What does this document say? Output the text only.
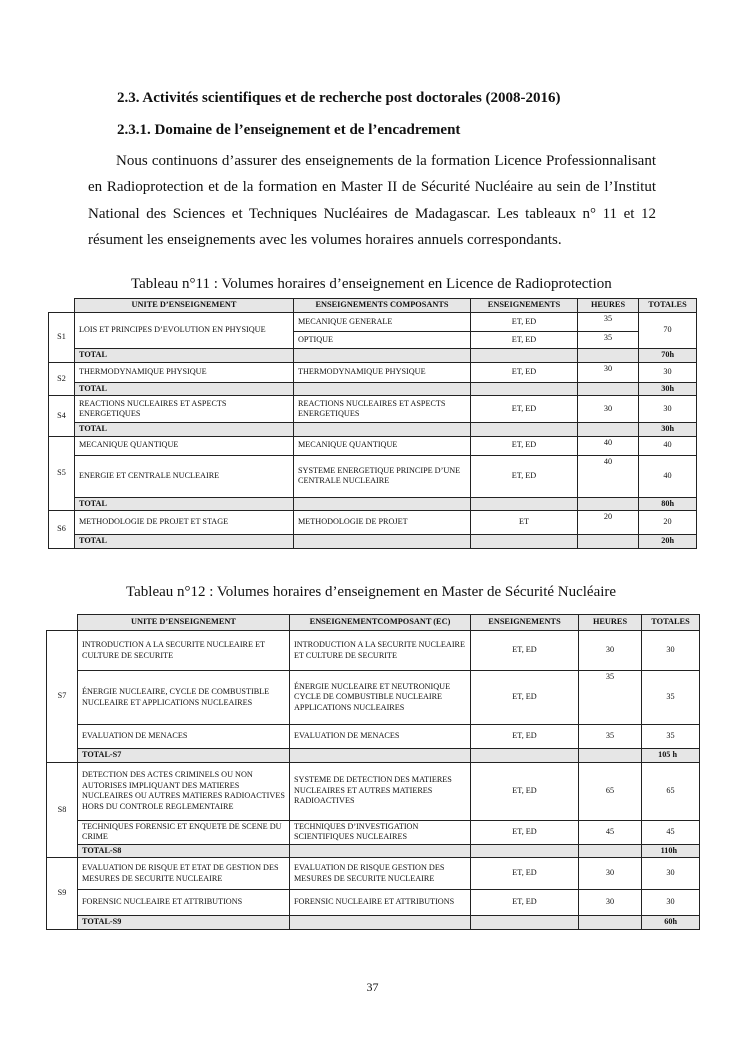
2.3. Activités scientifiques et de recherche post doctorales (2008-2016)
2.3.1. Domaine de l’enseignement et de l’encadrement
Nous continuons d’assurer des enseignements de la formation Licence Professionnalisant en Radioprotection et de la formation en Master II de Sécurité Nucléaire au sein de l’Institut National des Sciences et Techniques Nucléaires de Madagascar. Les tableaux n° 11 et 12 résument les enseignements avec les volumes horaires annuels correspondants.
Tableau n°11 : Volumes horaires d’enseignement en Licence de Radioprotection
	UNITE D’ENSEIGNEMENT	ENSEIGNEMENTS COMPOSANTS	ENSEIGNEMENTS	HEURES	TOTALES
S1	LOIS ET PRINCIPES D’EVOLUTION EN PHYSIQUE	MECANIQUE GENERALE	ET, ED	35	70
		OPTIQUE	ET, ED	35	
	TOTAL				70h
S2	THERMODYNAMIQUE PHYSIQUE	THERMODYNAMIQUE PHYSIQUE	ET, ED	30	30
	TOTAL				30h
S4	REACTIONS NUCLEAIRES ET ASPECTS ENERGETIQUES	REACTIONS NUCLEAIRES ET ASPECTS ENERGETIQUES	ET, ED	30	30
	TOTAL				30h
S5	MECANIQUE QUANTIQUE	MECANIQUE QUANTIQUE	ET, ED	40	40
	ENERGIE ET CENTRALE NUCLEAIRE	SYSTEME ENERGETIQUE PRINCIPE D’UNE CENTRALE NUCLEAIRE	ET, ED	40	40
	TOTAL				80h
S6	METHODOLOGIE DE PROJET ET STAGE	METHODOLOGIE DE PROJET	ET	20	20
	TOTAL				20h
Tableau n°12 : Volumes horaires d’enseignement en Master de Sécurité Nucléaire
	UNITE D’ENSEIGNEMENT	ENSEIGNEMENTCOMPOSANT (EC)	ENSEIGNEMENTS	HEURES	TOTALES
S7	INTRODUCTION A LA SECURITE NUCLEAIRE ET CULTURE DE SECURITE	INTRODUCTION A LA SECURITE NUCLEAIRE ET CULTURE DE SECURITE	ET, ED	30	30
	ÉNERGIE NUCLEAIRE, CYCLE DE COMBUSTIBLE NUCLEAIRE ET APPLICATIONS NUCLEAIRES	ÉNERGIE NUCLEAIRE ET NEUTRONIQUE CYCLE DE COMBUSTIBLE NUCLEAIRE APPLICATIONS NUCLEAIRES	ET, ED	35	35
	EVALUATION DE MENACES	EVALUATION DE MENACES	ET, ED	35	35
	TOTAL-S7				105 h
S8	DETECTION DES ACTES CRIMINELS OU NON AUTORISES IMPLIQUANT DES MATIERES NUCLEAIRES OU AUTRES MATIERES RADIOACTIVES HORS DU CONTROLE REGLEMENTAIRE	SYSTEME DE DETECTION DES MATIERES NUCLEAIRES ET AUTRES MATIERES RADIOACTIVES	ET, ED	65	65
	TECHNIQUES FORENSIC ET ENQUETE DE SCENE DU CRIME	TECHNIQUES D’INVESTIGATION SCIENTIFIQUES NUCLEAIRES	ET, ED	45	45
	TOTAL-S8				110h
S9	EVALUATION DE RISQUE ET ETAT DE GESTION DES MESURES DE SECURITE NUCLEAIRE	EVALUATION DE RISQUE GESTION DES MESURES DE SECURITE NUCLEAIRE	ET, ED	30	30
	FORENSIC NUCLEAIRE ET ATTRIBUTIONS	FORENSIC NUCLEAIRE ET ATTRIBUTIONS	ET, ED	30	30
	TOTAL-S9				60h
37
